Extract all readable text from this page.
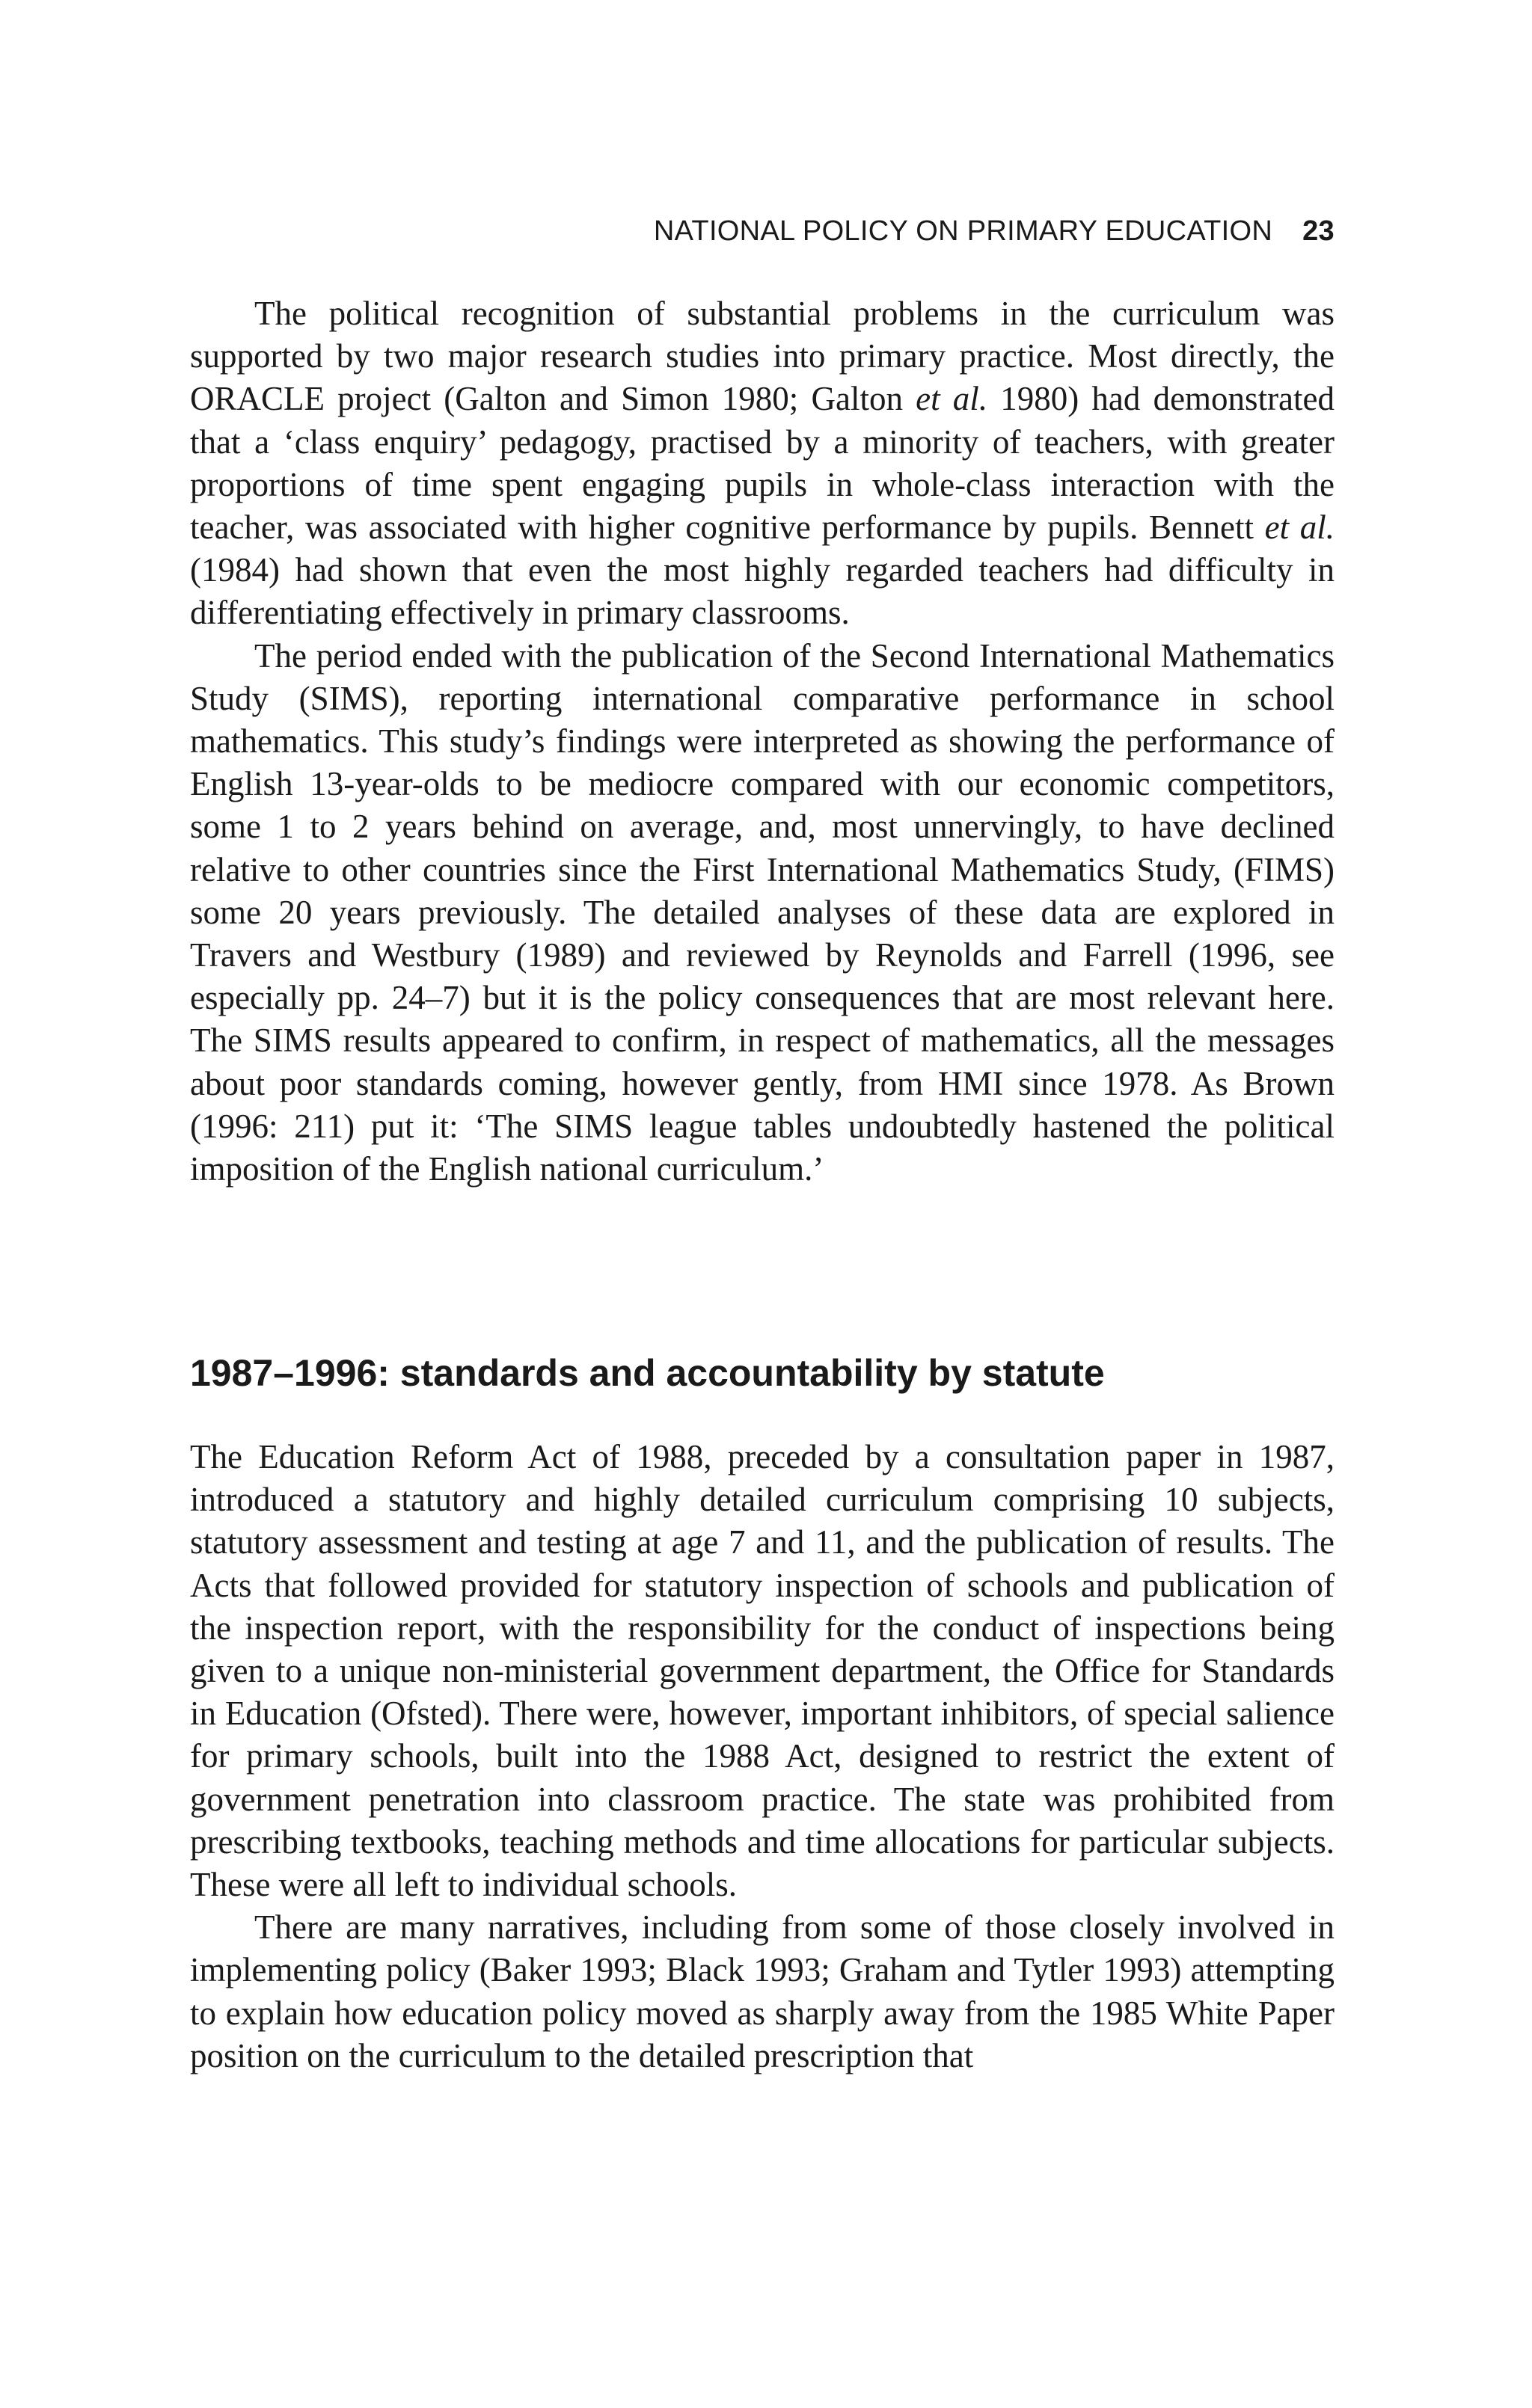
NATIONAL POLICY ON PRIMARY EDUCATION 23

The political recognition of substantial problems in the curriculum was supported by two major research studies into primary practice. Most directly, the ORACLE project (Galton and Simon 1980; Galton et al. 1980) had demonstrated that a ‘class enquiry’ pedagogy, practised by a minority of teachers, with greater proportions of time spent engaging pupils in whole-class interaction with the teacher, was associated with higher cognitive performance by pupils. Bennett et al. (1984) had shown that even the most highly regarded teachers had difficulty in differentiating effectively in primary classrooms.

The period ended with the publication of the Second International Mathematics Study (SIMS), reporting international comparative performance in school mathematics. This study’s findings were interpreted as showing the performance of English 13-year-olds to be mediocre compared with our economic competitors, some 1 to 2 years behind on average, and, most unnervingly, to have declined relative to other countries since the First International Mathematics Study, (FIMS) some 20 years previously. The detailed analyses of these data are explored in Travers and Westbury (1989) and reviewed by Reynolds and Farrell (1996, see especially pp. 24–7) but it is the policy consequences that are most relevant here. The SIMS results appeared to confirm, in respect of mathematics, all the messages about poor standards coming, however gently, from HMI since 1978. As Brown (1996: 211) put it: ‘The SIMS league tables undoubtedly hastened the political imposition of the English national curriculum.’

1987–1996: standards and accountability by statute

The Education Reform Act of 1988, preceded by a consultation paper in 1987, introduced a statutory and highly detailed curriculum comprising 10 subjects, statutory assessment and testing at age 7 and 11, and the publication of results. The Acts that followed provided for statutory inspection of schools and publication of the inspection report, with the responsibility for the conduct of inspections being given to a unique non-ministerial government department, the Office for Standards in Education (Ofsted). There were, however, important inhibitors, of special salience for primary schools, built into the 1988 Act, designed to restrict the extent of government penetration into classroom practice. The state was prohibited from prescribing textbooks, teaching methods and time allocations for particular subjects. These were all left to individual schools.

There are many narratives, including from some of those closely involved in implementing policy (Baker 1993; Black 1993; Graham and Tytler 1993) attempting to explain how education policy moved as sharply away from the 1985 White Paper position on the curriculum to the detailed prescription that
